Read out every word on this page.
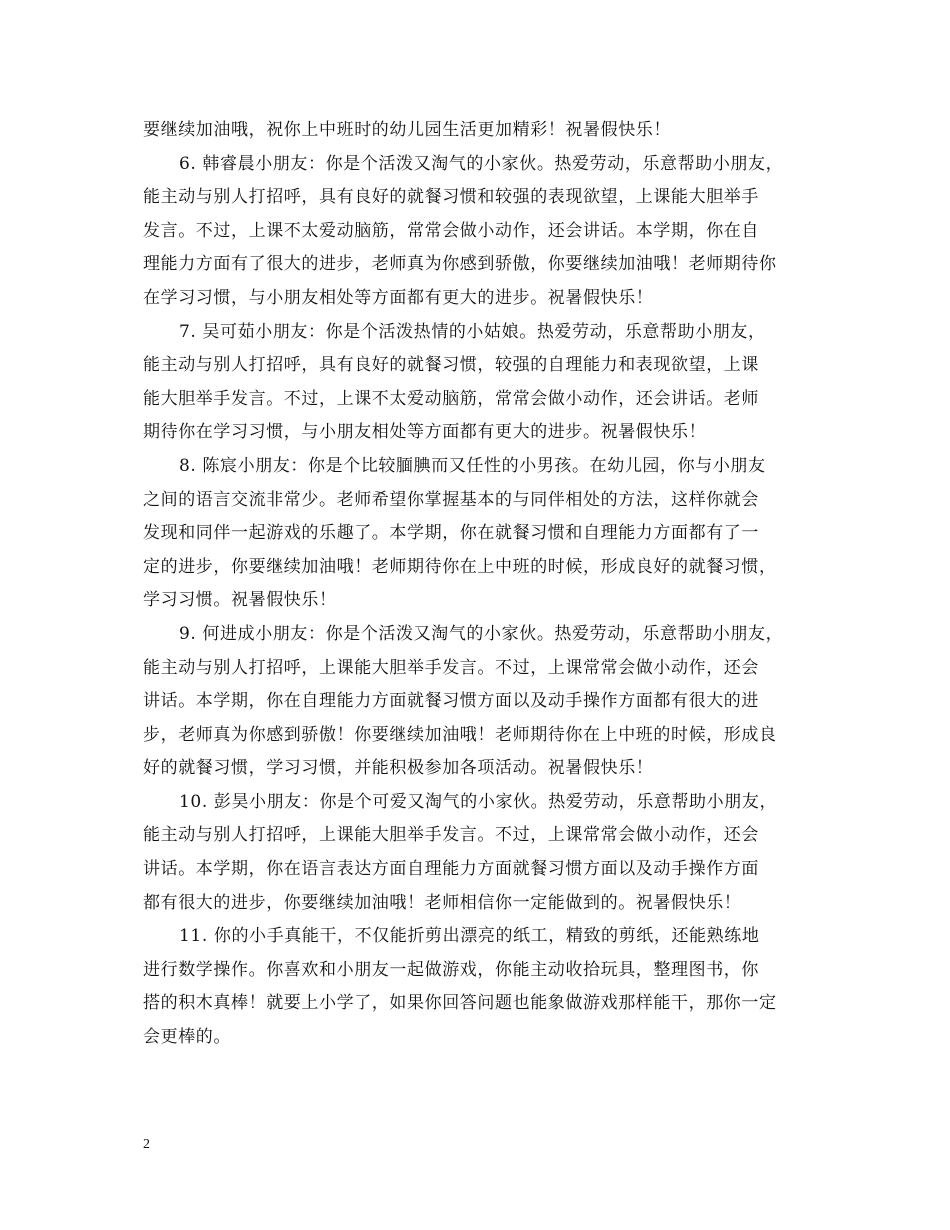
要继续加油哦，祝你上中班时的幼儿园生活更加精彩！祝暑假快乐！
6. 韩睿晨小朋友：你是个活泼又淘气的小家伙。热爱劳动，乐意帮助小朋友，
能主动与别人打招呼，具有良好的就餐习惯和较强的表现欲望，上课能大胆举手
发言。不过，上课不太爱动脑筋，常常会做小动作，还会讲话。本学期，你在自
理能力方面有了很大的进步，老师真为你感到骄傲，你要继续加油哦！老师期待你
在学习习惯，与小朋友相处等方面都有更大的进步。祝暑假快乐！
7. 吴可茹小朋友：你是个活泼热情的小姑娘。热爱劳动，乐意帮助小朋友，
能主动与别人打招呼，具有良好的就餐习惯，较强的自理能力和表现欲望，上课
能大胆举手发言。不过，上课不太爱动脑筋，常常会做小动作，还会讲话。老师
期待你在学习习惯，与小朋友相处等方面都有更大的进步。祝暑假快乐！
8. 陈宸小朋友：你是个比较腼腆而又任性的小男孩。在幼儿园，你与小朋友
之间的语言交流非常少。老师希望你掌握基本的与同伴相处的方法，这样你就会
发现和同伴一起游戏的乐趣了。本学期，你在就餐习惯和自理能力方面都有了一
定的进步，你要继续加油哦！老师期待你在上中班的时候，形成良好的就餐习惯，
学习习惯。祝暑假快乐！
9. 何进成小朋友：你是个活泼又淘气的小家伙。热爱劳动，乐意帮助小朋友，
能主动与别人打招呼，上课能大胆举手发言。不过，上课常常会做小动作，还会
讲话。本学期，你在自理能力方面就餐习惯方面以及动手操作方面都有很大的进
步，老师真为你感到骄傲！你要继续加油哦！老师期待你在上中班的时候，形成良
好的就餐习惯，学习习惯，并能积极参加各项活动。祝暑假快乐！
10. 彭昊小朋友：你是个可爱又淘气的小家伙。热爱劳动，乐意帮助小朋友，
能主动与别人打招呼，上课能大胆举手发言。不过，上课常常会做小动作，还会
讲话。本学期，你在语言表达方面自理能力方面就餐习惯方面以及动手操作方面
都有很大的进步，你要继续加油哦！老师相信你一定能做到的。祝暑假快乐！
11. 你的小手真能干，不仅能折剪出漂亮的纸工，精致的剪纸，还能熟练地
进行数学操作。你喜欢和小朋友一起做游戏，你能主动收拾玩具，整理图书，你
搭的积木真棒！就要上小学了，如果你回答问题也能象做游戏那样能干，那你一定
会更棒的。
2
